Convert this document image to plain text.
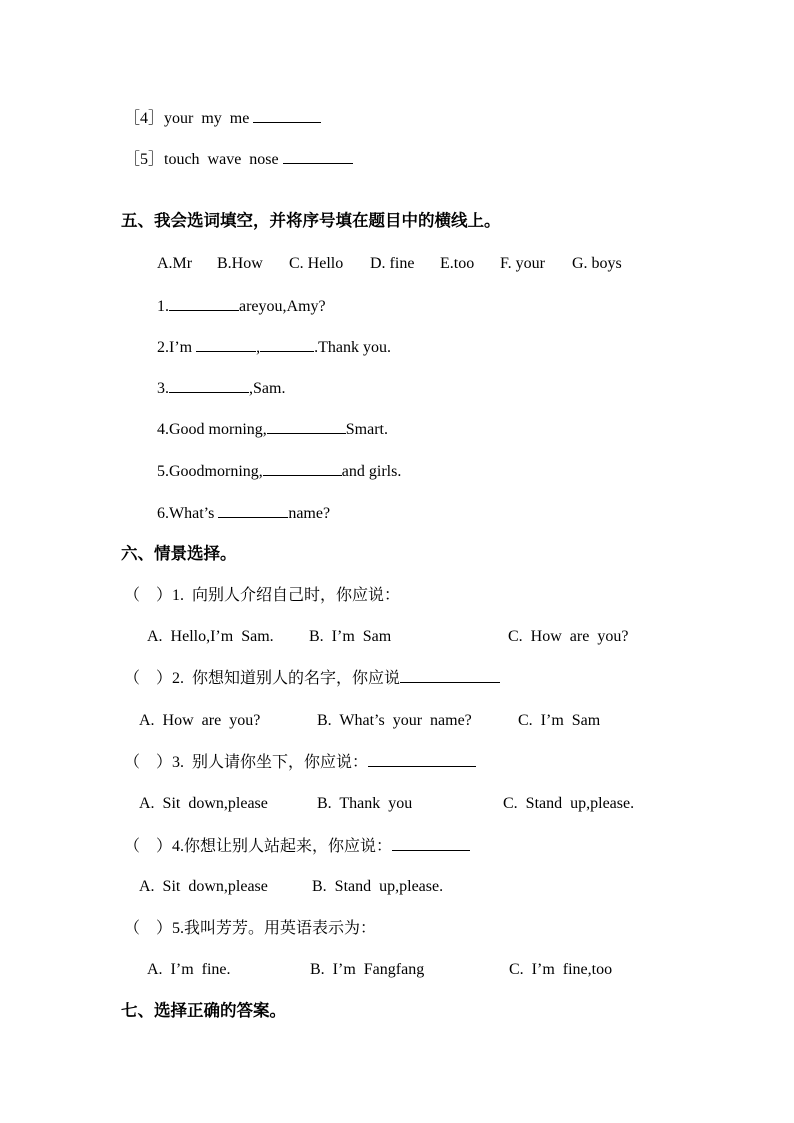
［4］your  my  me
［5］touch  wave  nose
五、我会选词填空，并将序号填在题目中的横线上。
A.Mr B.How C. Hello D. fine E.too F. your G. boys
1.	areyou,Amy?
2.I’m	,	.Thank you.
3.	,Sam.
4.Good morning,	Smart.
5.Goodmorning,	and girls.
6.What’s	name?
六、情景选择。
（    ）1.  向别人介绍自己时，你应说：
A.  Hello,I’m  Sam. B.  I’m  Sam	C.  How  are  you?
（    ）2.  你想知道别人的名字，你应说
A.  How  are  you?	B.  What’s  your  name?	C.  I’m  Sam
（    ）3.  别人请你坐下，你应说：
A.  Sit  down,please	B.  Thank  you	C.  Stand  up,please.
（    ）4.你想让别人站起来，你应说：
A.  Sit  down,please	B.  Stand  up,please.
（    ）5.我叫芳芳。用英语表示为：
A.  I’m  fine.	B.  I’m  Fangfang	C.  I’m  fine,too
七、选择正确的答案。
